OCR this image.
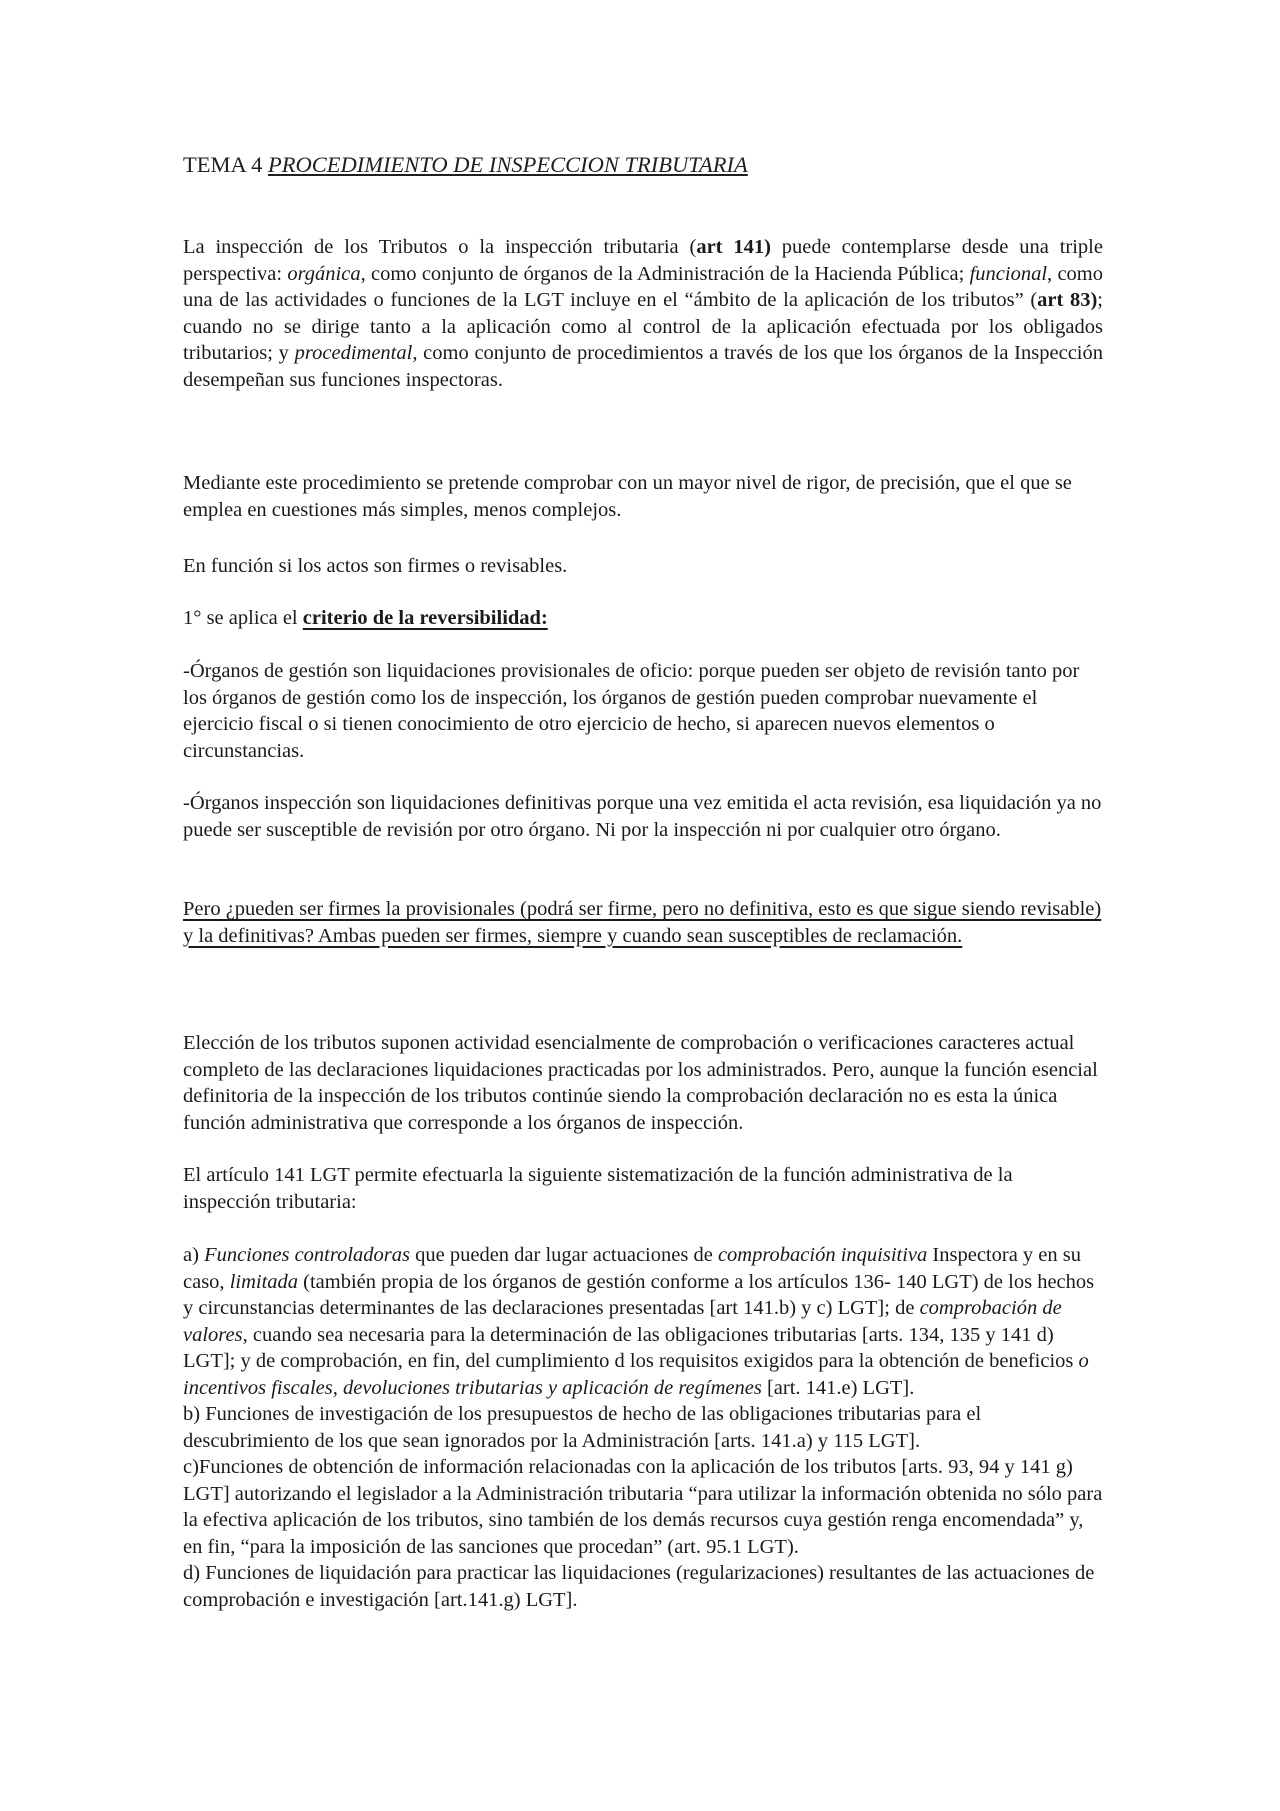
TEMA 4 PROCEDIMIENTO DE INSPECCION TRIBUTARIA

La inspección de los Tributos o la inspección tributaria (art 141) puede contemplarse desde una triple perspectiva: orgánica, como conjunto de órganos de la Administración de la Hacienda Pública; funcional, como una de las actividades o funciones de la LGT incluye en el “ámbito de la aplicación de los tributos” (art 83); cuando no se dirige tanto a la aplicación como al control de la aplicación efectuada por los obligados tributarios; y procedimental, como conjunto de procedimientos a través de los que los órganos de la Inspección desempeñan sus funciones inspectoras.

Mediante este procedimiento se pretende comprobar con un mayor nivel de rigor, de precisión, que el que se emplea en cuestiones más simples, menos complejos.

En función si los actos son firmes o revisables.

1° se aplica el criterio de la reversibilidad:

-Órganos de gestión son liquidaciones provisionales de oficio: porque pueden ser objeto de revisión tanto por los órganos de gestión como los de inspección, los órganos de gestión pueden comprobar nuevamente el ejercicio fiscal o si tienen conocimiento de otro ejercicio de hecho, si aparecen nuevos elementos o circunstancias.

-Órganos inspección son liquidaciones definitivas porque una vez emitida el acta revisión, esa liquidación ya no puede ser susceptible de revisión por otro órgano. Ni por la inspección ni por cualquier otro órgano.

Pero ¿pueden ser firmes la provisionales (podrá ser firme, pero no definitiva, esto es que sigue siendo revisable) y la definitivas? Ambas pueden ser firmes, siempre y cuando sean susceptibles de reclamación.

Elección de los tributos suponen actividad esencialmente de comprobación o verificaciones caracteres actual completo de las declaraciones liquidaciones practicadas por los administrados. Pero, aunque la función esencial definitoria de la inspección de los tributos continúe siendo la comprobación declaración no es esta la única función administrativa que corresponde a los órganos de inspección.

El artículo 141 LGT permite efectuarla la siguiente sistematización de la función administrativa de la inspección tributaria:

a) Funciones controladoras que pueden dar lugar actuaciones de comprobación inquisitiva Inspectora y en su caso, limitada (también propia de los órganos de gestión conforme a los artículos 136- 140 LGT) de los hechos y circunstancias determinantes de las declaraciones presentadas [art 141.b) y c) LGT]; de comprobación de valores, cuando sea necesaria para la determinación de las obligaciones tributarias [arts. 134, 135 y 141 d) LGT]; y de comprobación, en fin, del cumplimiento d los requisitos exigidos para la obtención de beneficios o incentivos fiscales, devoluciones tributarias y aplicación de regímenes [art. 141.e) LGT].

b) Funciones de investigación de los presupuestos de hecho de las obligaciones tributarias para el descubrimiento de los que sean ignorados por la Administración [arts. 141.a) y 115 LGT].

c)Funciones de obtención de información relacionadas con la aplicación de los tributos [arts. 93, 94 y 141 g) LGT] autorizando el legislador a la Administración tributaria “para utilizar la información obtenida no sólo para la efectiva aplicación de los tributos, sino también de los demás recursos cuya gestión renga encomendada” y, en fin, “para la imposición de las sanciones que procedan” (art. 95.1 LGT).

d) Funciones de liquidación para practicar las liquidaciones (regularizaciones) resultantes de las actuaciones de comprobación e investigación [art.141.g) LGT].
